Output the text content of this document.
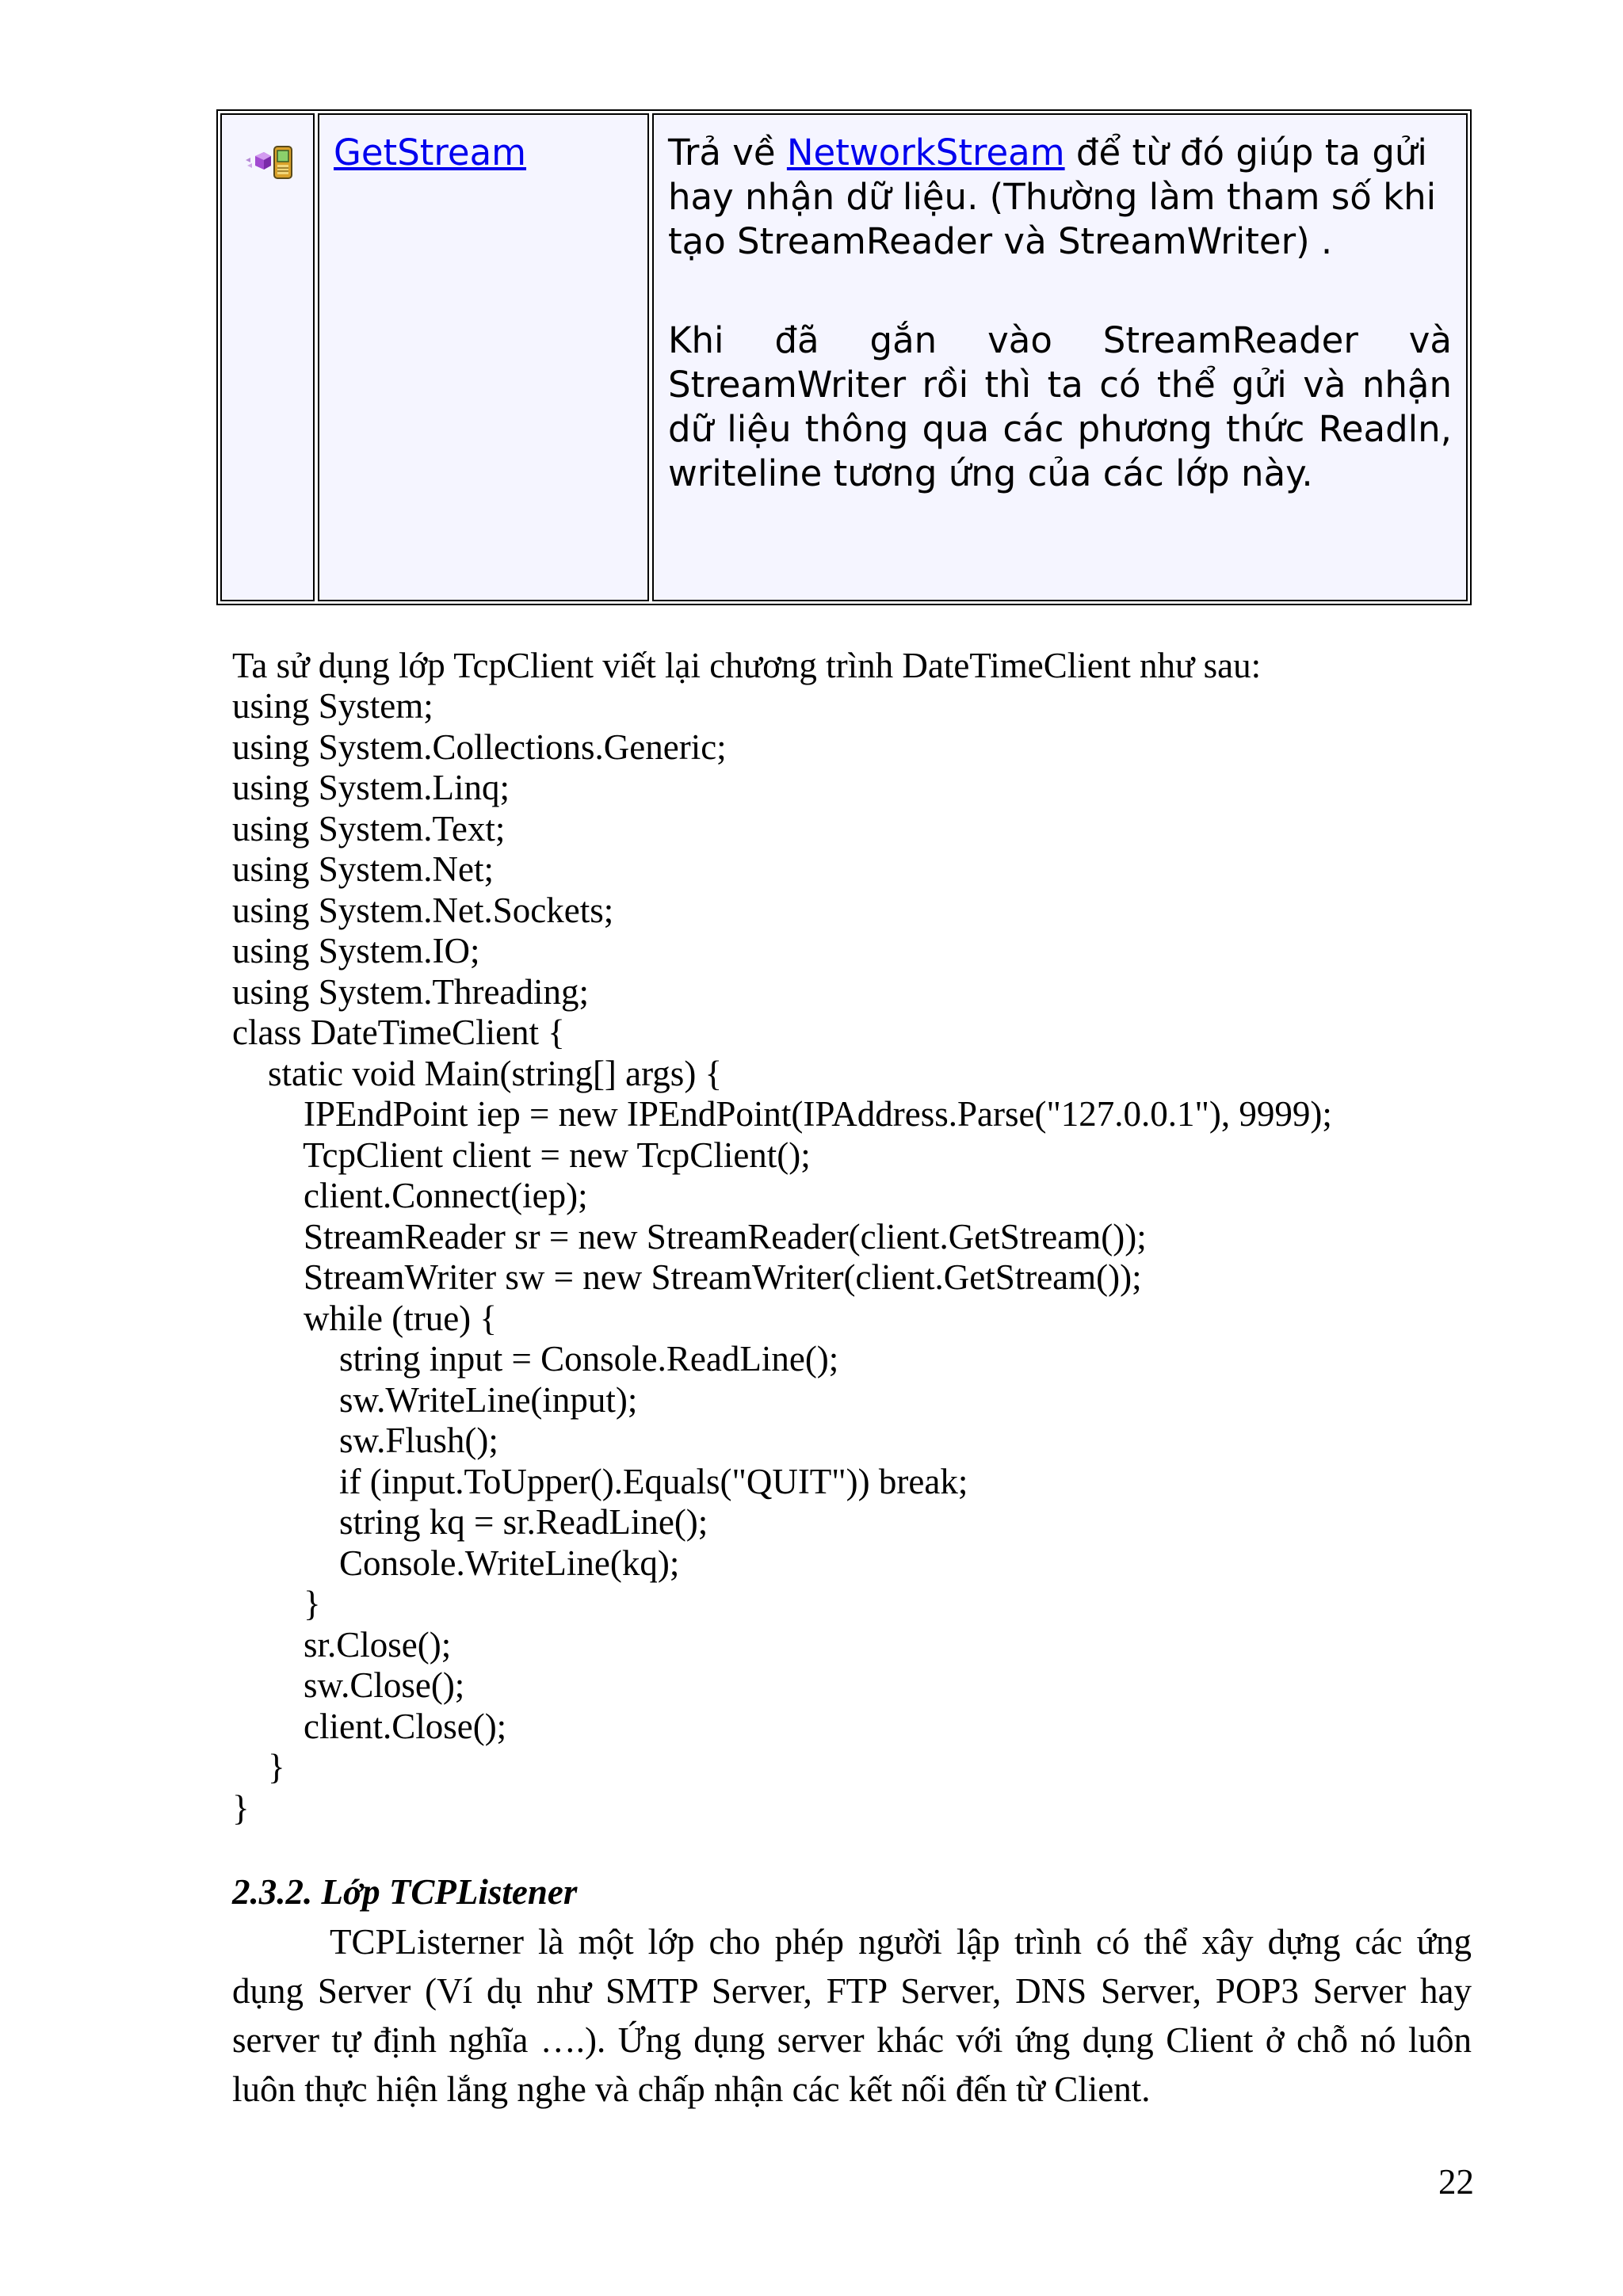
GetStream	Trả về NetworkStream để từ đó giúp ta gửi hay nhận dữ liệu. (Thường làm tham số khi tạo StreamReader và StreamWriter) .

Khi đã gắn vào StreamReader và StreamWriter rồi thì ta có thể gửi và nhận dữ liệu thông qua các phương thức Readln, writeline tương ứng của các lớp này.

Ta sử dụng lớp TcpClient viết lại chương trình DateTimeClient như sau:
using System;
using System.Collections.Generic;
using System.Linq;
using System.Text;
using System.Net;
using System.Net.Sockets;
using System.IO;
using System.Threading;
class DateTimeClient {
static void Main(string[] args) {
IPEndPoint iep = new IPEndPoint(IPAddress.Parse("127.0.0.1"), 9999);
TcpClient client = new TcpClient();
client.Connect(iep);
StreamReader sr = new StreamReader(client.GetStream());
StreamWriter sw = new StreamWriter(client.GetStream());
while (true) {
string input = Console.ReadLine();
sw.WriteLine(input);
sw.Flush();
if (input.ToUpper().Equals("QUIT")) break;
string kq = sr.ReadLine();
Console.WriteLine(kq);
}
sr.Close();
sw.Close();
client.Close();
}
}
2.3.2. Lớp TCPListener
TCPListerner là một lớp cho phép người lập trình có thể xây dựng các ứng dụng Server (Ví dụ như SMTP Server, FTP Server, DNS Server, POP3 Server hay server tự định nghĩa ….). Ứng dụng server khác với ứng dụng Client ở chỗ nó luôn luôn thực hiện lắng nghe và chấp nhận các kết nối đến từ Client.
22
